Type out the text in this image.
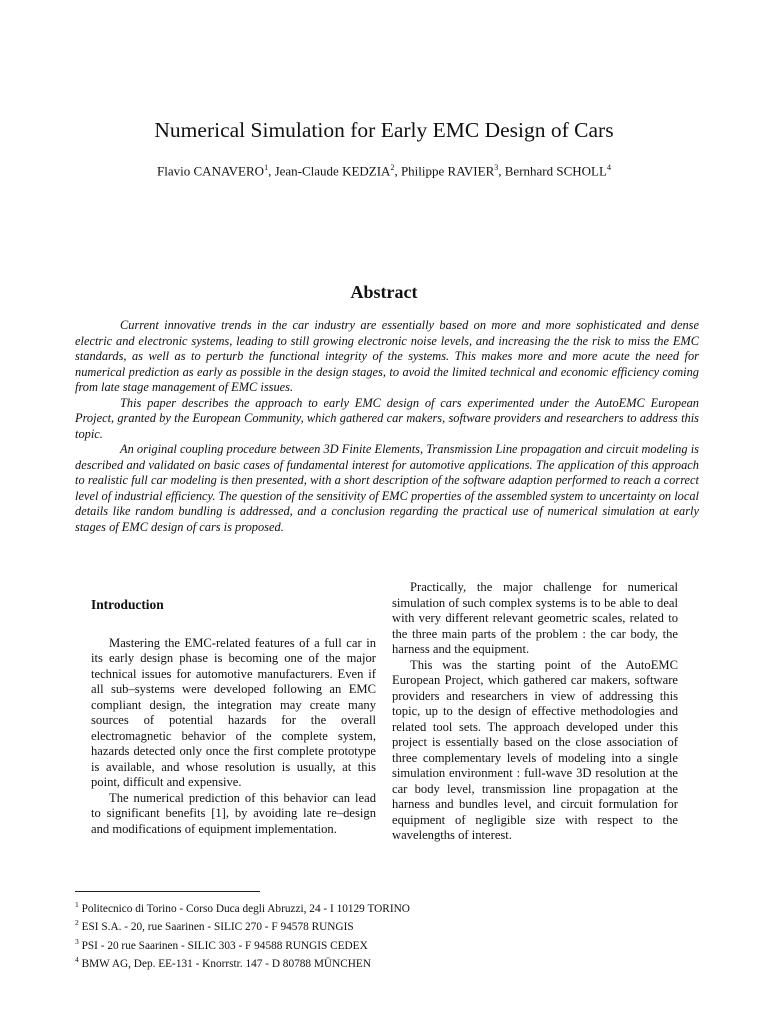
Numerical Simulation for Early EMC Design of Cars
Flavio CANAVERO$^1$, Jean-Claude KEDZIA$^2$, Philippe RAVIER$^3$, Bernhard SCHOLL$^4$
Abstract

Current innovative trends in the car industry are essentially based on more and more sophisticated and dense electric and electronic systems, leading to still growing electronic noise levels, and increasing the the risk to miss the EMC standards, as well as to perturb the functional integrity of the systems. This makes more and more acute the need for numerical prediction as early as possible in the design stages, to avoid the limited technical and economic efficiency coming from late stage management of EMC issues.

This paper describes the approach to early EMC design of cars experimented under the AutoEMC European Project, granted by the European Community, which gathered car makers, software providers and researchers to address this topic.

An original coupling procedure between 3D Finite Elements, Transmission Line propagation and circuit modeling is described and validated on basic cases of fundamental interest for automotive applications. The application of this approach to realistic full car modeling is then presented, with a short description of the software adaption performed to reach a correct level of industrial efficiency. The question of the sensitivity of EMC properties of the assembled system to uncertainty on local details like random bundling is addressed, and a conclusion regarding the practical use of numerical simulation at early stages of EMC design of cars is proposed.

Introduction

Mastering the EMC-related features of a full car in its early design phase is becoming one of the major technical issues for automotive manufacturers. Even if all sub–systems were developed following an EMC compliant design, the integration may create many sources of potential hazards for the overall electromagnetic behavior of the complete system, hazards detected only once the first complete prototype is available, and whose resolution is usually, at this point, difficult and expensive.

The numerical prediction of this behavior can lead to significant benefits [1], by avoiding late re–design and modifications of equipment implementation.

Practically, the major challenge for numerical simulation of such complex systems is to be able to deal with very different relevant geometric scales, related to the three main parts of the problem : the car body, the harness and the equipment.

This was the starting point of the AutoEMC European Project, which gathered car makers, software providers and researchers in view of addressing this topic, up to the design of effective methodologies and related tool sets. The approach developed under this project is essentially based on the close association of three complementary levels of modeling into a single simulation environment : full-wave 3D resolution at the car body level, transmission line propagation at the harness and bundles level, and circuit formulation for equipment of negligible size with respect to the wavelengths of interest.

$^1$ Politecnico di Torino - Corso Duca degli Abruzzi, 24 - I 10129 TORINO
$^2$ ESI S.A. - 20, rue Saarinen - SILIC 270 - F 94578 RUNGIS
$^3$ PSI - 20 rue Saarinen - SILIC 303 - F 94588 RUNGIS CEDEX
$^4$ BMW AG, Dep. EE-131 - Knorrstr. 147 - D 80788 MÜNCHEN
